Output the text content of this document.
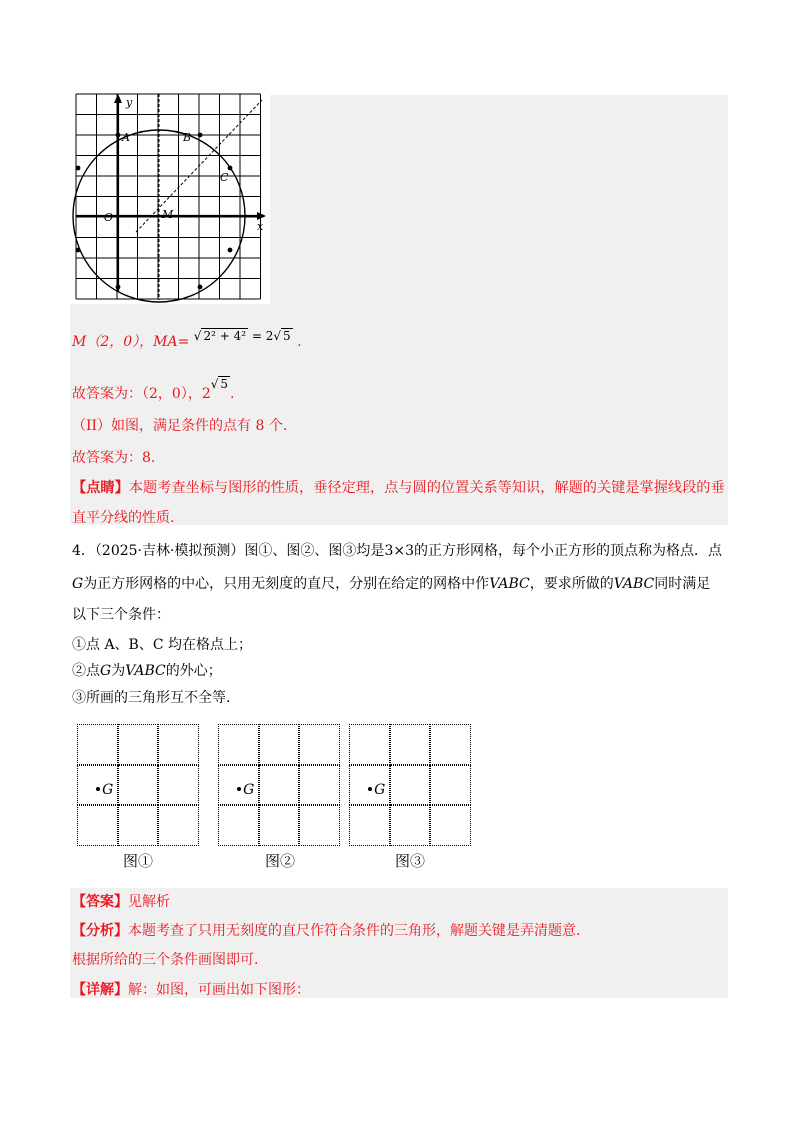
y
x
A	B
C
O	M
M（2，0），MA= √ 2² + 4² = 2√ 5 .
故答案为：（2，0），2√ 5.
（II）如图，满足条件的点有 8 个.
故答案为：8.
【点睛】本题考查坐标与图形的性质，垂径定理，点与圆的位置关系等知识，解题的关键是掌握线段的垂
直平分线的性质.
4．（2025·吉林·模拟预测）图①、图②、图③均是3×3的正方形网格，每个小正方形的顶点称为格点．点
G为正方形网格的中心，只用无刻度的直尺，分别在给定的网格中作VABC，要求所做的VABC同时满足
以下三个条件：
①点 A、B、C 均在格点上；
②点G为VABC的外心；
③所画的三角形互不全等.
G	G	G
图①	图②	图③
【答案】见解析
【分析】本题考查了只用无刻度的直尺作符合条件的三角形，解题关键是弄清题意.
根据所给的三个条件画图即可.
【详解】解：如图，可画出如下图形：
